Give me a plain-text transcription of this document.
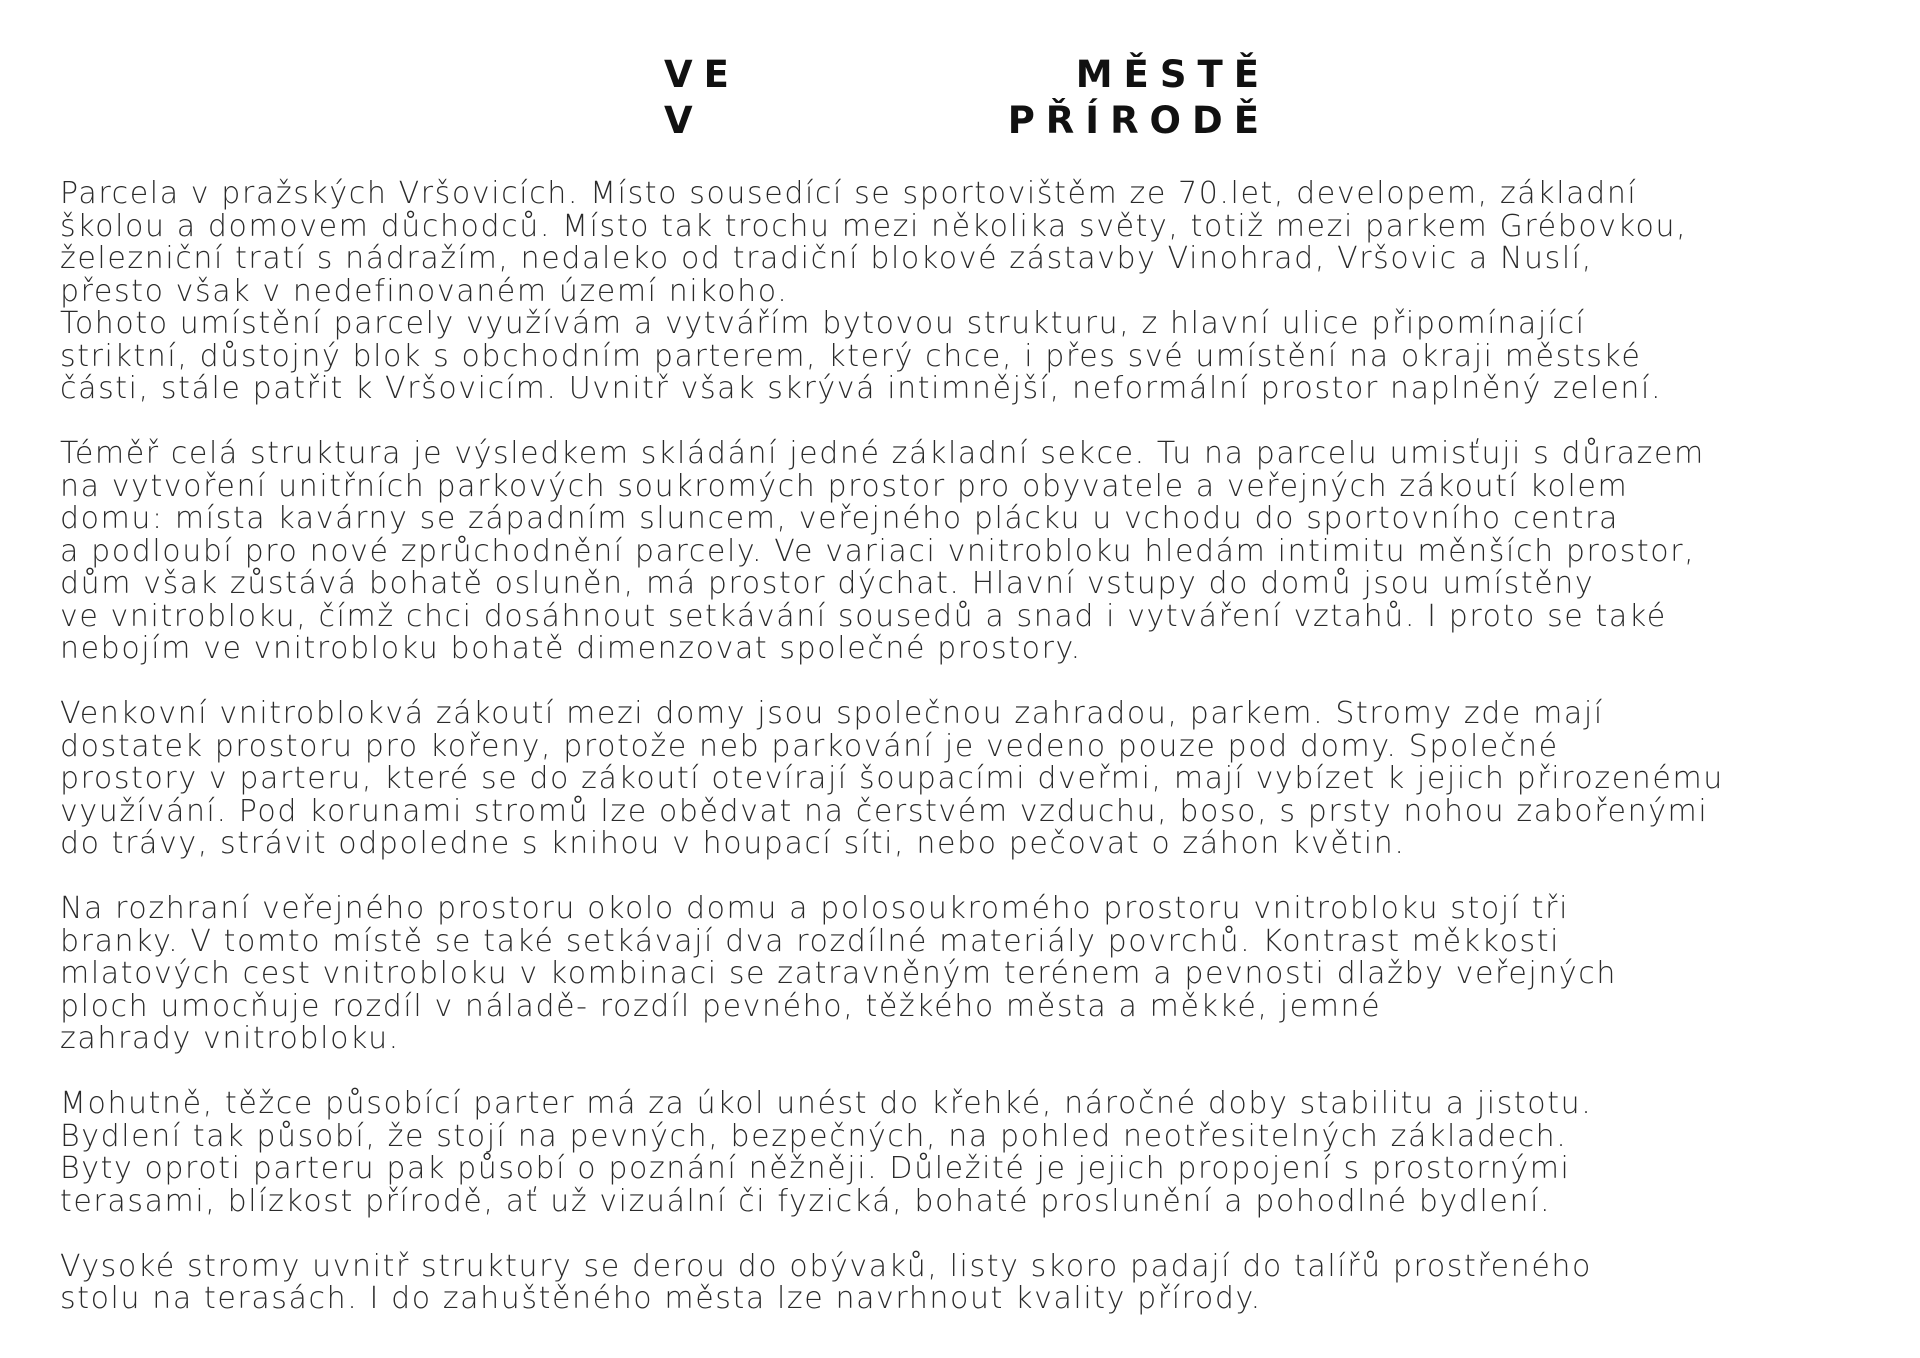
VE	MĚSTĚ
V	PŘÍRODĚ
Parcela v pražských Vršovicích. Místo sousedící se sportovištěm ze 70.let, developem, základní
školou a domovem důchodců. Místo tak trochu mezi několika světy, totiž mezi parkem Grébovkou,
železniční tratí s nádražím, nedaleko od tradiční blokové zástavby Vinohrad, Vršovic a Nuslí,
přesto však v nedefinovaném území nikoho.
Tohoto umístění parcely využívám a vytvářím bytovou strukturu, z hlavní ulice připomínající
striktní, důstojný blok s obchodním parterem, který chce, i přes své umístění na okraji městské
části, stále patřit k Vršovicím. Uvnitř však skrývá intimnější, neformální prostor naplněný zelení.
Téměř celá struktura je výsledkem skládání jedné základní sekce. Tu na parcelu umisťuji s důrazem
na vytvoření unitřních parkových soukromých prostor pro obyvatele a veřejných zákoutí kolem
domu: místa kavárny se západním sluncem, veřejného plácku u vchodu do sportovního centra
a podloubí pro nové zprůchodnění parcely. Ve variaci vnitrobloku hledám intimitu měnších prostor,
dům však zůstává bohatě osluněn, má prostor dýchat. Hlavní vstupy do domů jsou umístěny
ve vnitrobloku, čímž chci dosáhnout setkávání sousedů a snad i vytváření vztahů. I proto se také
nebojím ve vnitrobloku bohatě dimenzovat společné prostory.
Venkovní vnitroblokvá zákoutí mezi domy jsou společnou zahradou, parkem. Stromy zde mají
dostatek prostoru pro kořeny, protože neb parkování je vedeno pouze pod domy. Společné
prostory v parteru, které se do zákoutí otevírají šoupacími dveřmi, mají vybízet k jejich přirozenému
využívání. Pod korunami stromů lze obědvat na čerstvém vzduchu, boso, s prsty nohou zabořenými
do trávy, strávit odpoledne s knihou v houpací síti, nebo pečovat o záhon květin.
Na rozhraní veřejného prostoru okolo domu a polosoukromého prostoru vnitrobloku stojí tři
branky. V tomto místě se také setkávají dva rozdílné materiály povrchů. Kontrast měkkosti
mlatových cest vnitrobloku v kombinaci se zatravněným terénem a pevnosti dlažby veřejných
ploch umocňuje rozdíl v náladě- rozdíl pevného, těžkého města a měkké, jemné
zahrady vnitrobloku.
Mohutně, těžce působící parter má za úkol unést do křehké, náročné doby stabilitu a jistotu.
Bydlení tak působí, že stojí na pevných, bezpečných, na pohled neotřesitelných základech.
Byty oproti parteru pak působí o poznání něžněji. Důležité je jejich propojení s prostornými
terasami, blízkost přírodě, ať už vizuální či fyzická, bohaté proslunění a pohodlné bydlení.
Vysoké stromy uvnitř struktury se derou do obývaků, listy skoro padají do talířů prostřeného
stolu na terasách. I do zahuštěného města lze navrhnout kvality přírody.
